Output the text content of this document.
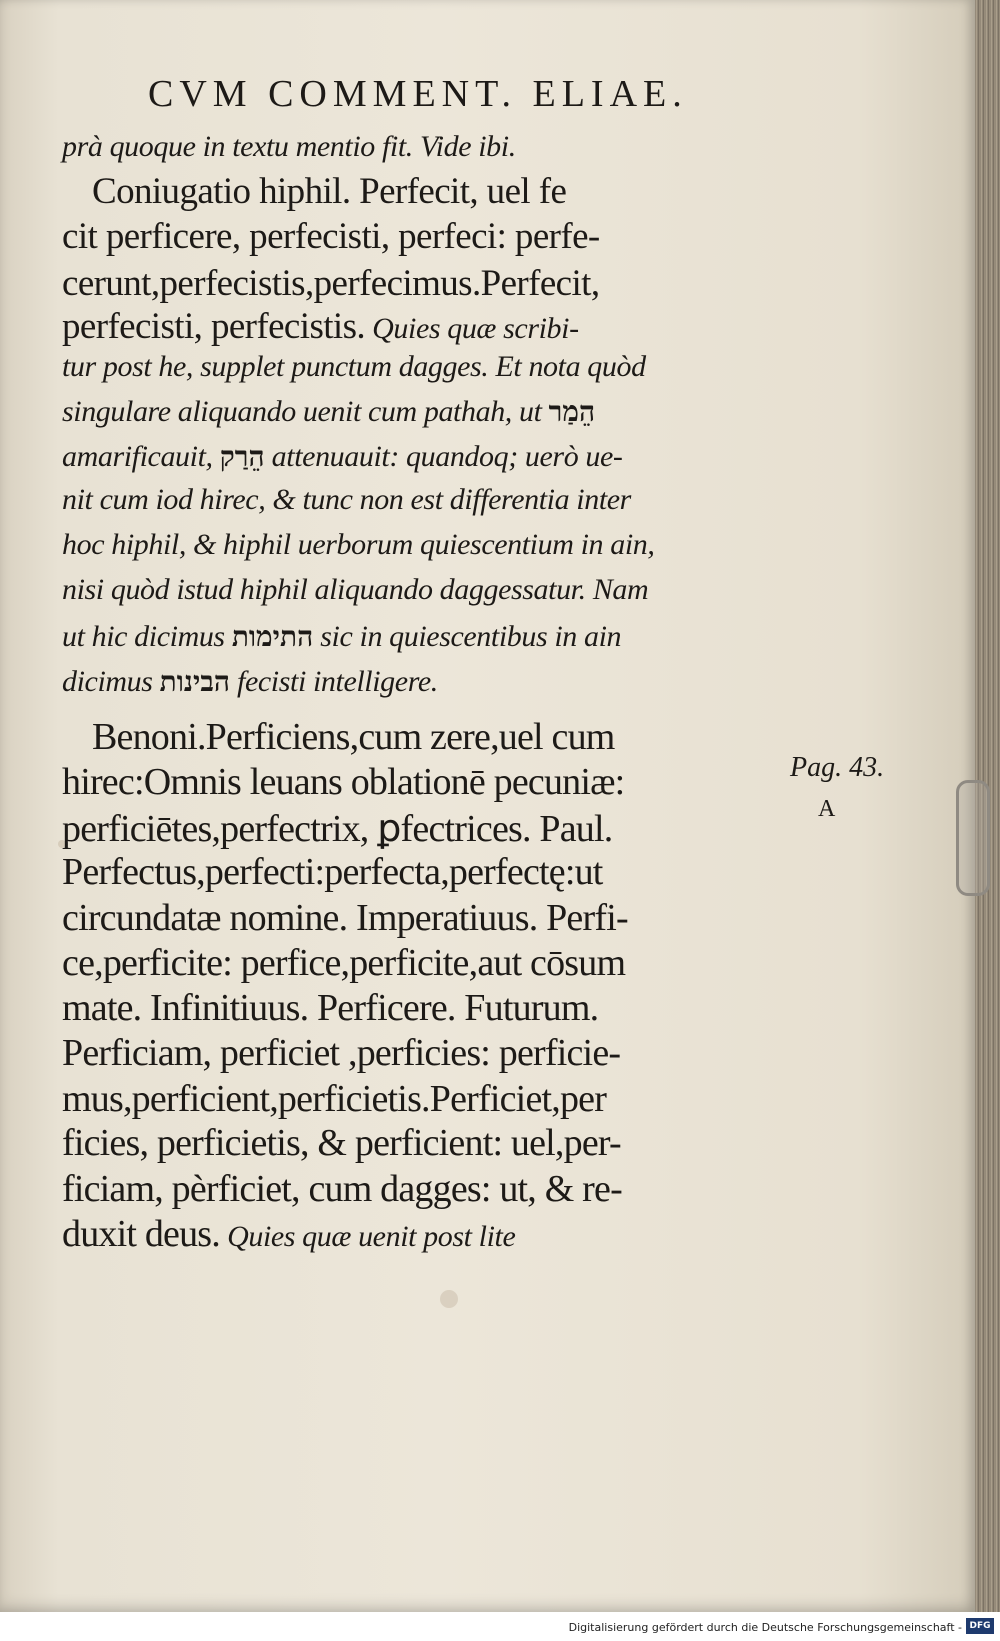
CVM COMMENT. ELIAE.
Pag. 43.
A
prà quoque in textu mentio fit. Vide ibi.
Coniugatio hiphil. Perfecit, uel fe
cit perficere, perfecisti, perfeci: perfe-
cerunt,perfecistis,perfecimus.Perfecit,
perfecisti, perfecistis. Quies quæ scribi-
tur post he, supplet punctum dagges. Et nota quòd
singulare aliquando uenit cum pathah, ut הֵמַר
amarificauit, הֵרַק attenuauit: quandoq; uerò ue-
nit cum iod hirec, & tunc non est differentia inter
hoc hiphil, & hiphil uerborum quiescentium in ain,
nisi quòd istud hiphil aliquando daggessatur. Nam
ut hic dicimus התימות sic in quiescentibus in ain
dicimus הבינות fecisti intelligere.
Benoni.Perficiens,cum zere,uel cum
hirec:Omnis leuans oblationē pecuniæ:
perficiētes,perfectrix, ꝑfectrices. Paul.
Perfectus,perfecti:perfecta,perfectę:ut
circundatæ nomine. Imperatiuus. Perfi-
ce,perficite: perfice,perficite,aut cōsum
mate. Infinitiuus. Perficere. Futurum.
Perficiam, perficiet ,perficies: perficie-
mus,perficient,perficietis.Perficiet,per
ficies, perficietis, & perficient: uel,per-
ficiam, pèrficiet, cum dagges: ut, & re-
duxit deus. Quies quæ uenit post lite
Digitalisierung gefördert durch die Deutsche Forschungsgemeinschaft - DFG
